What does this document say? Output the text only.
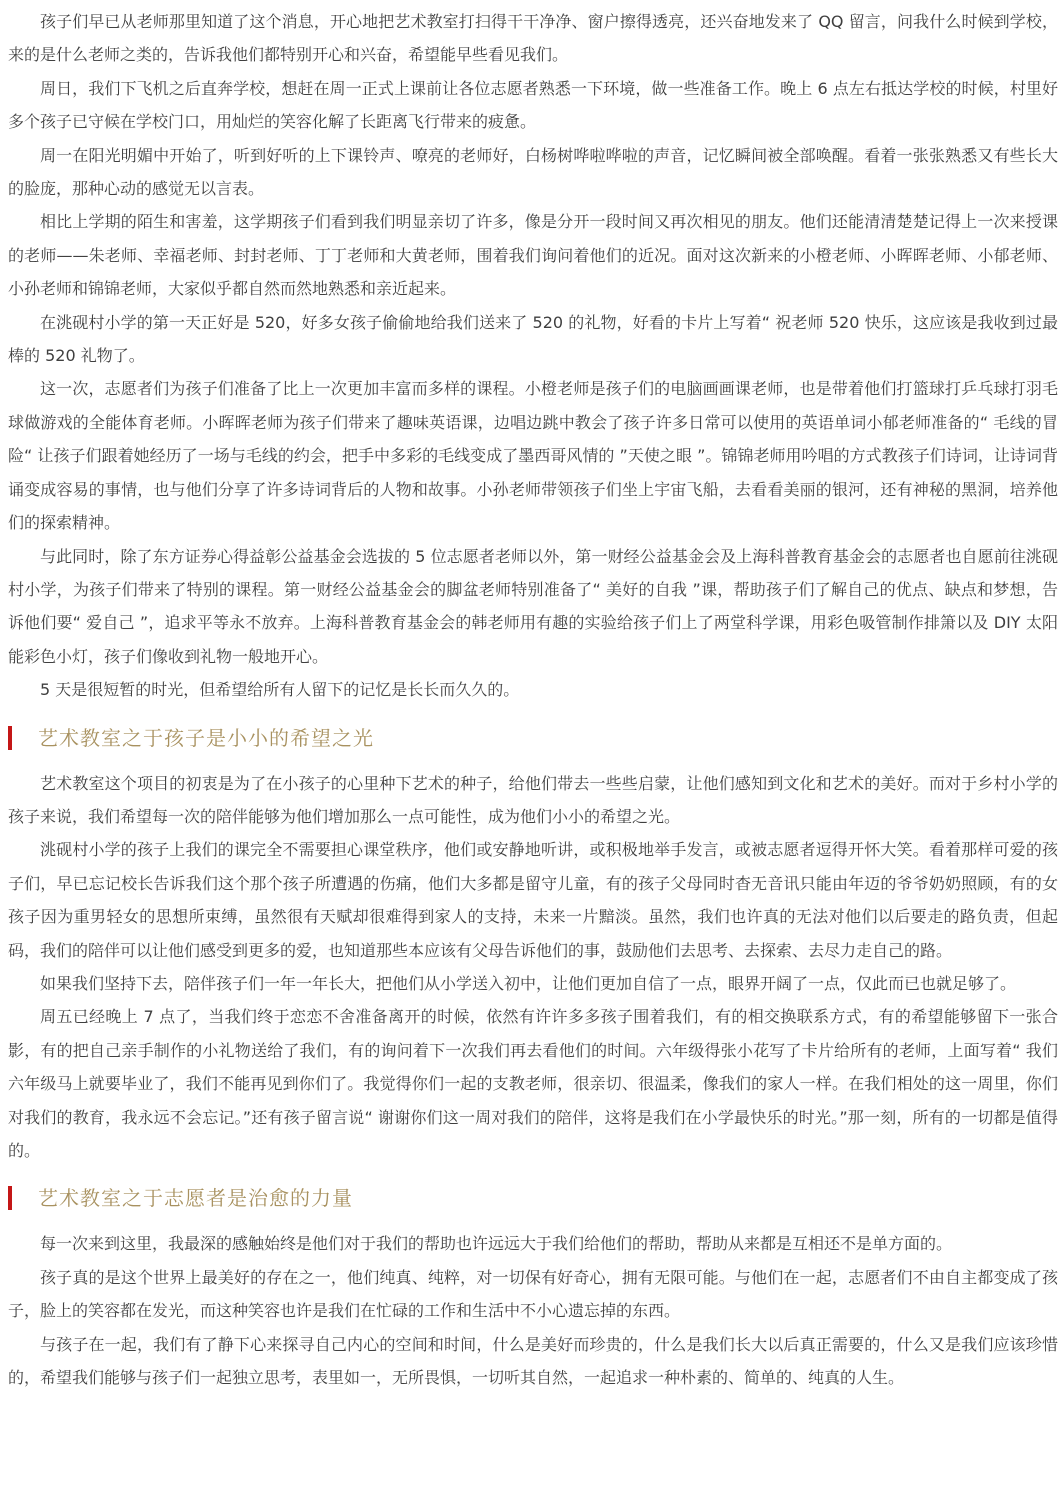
孩子们早已从老师那里知道了这个消息，开心地把艺术教室打扫得干干净净、窗户擦得透亮，还兴奋地发来了 QQ 留言，问我什么时候到学校，来的是什么老师之类的，告诉我他们都特别开心和兴奋，希望能早些看见我们。

周日，我们下飞机之后直奔学校，想赶在周一正式上课前让各位志愿者熟悉一下环境，做一些准备工作。晚上 6 点左右抵达学校的时候，村里好多个孩子已守候在学校门口，用灿烂的笑容化解了长距离飞行带来的疲惫。

周一在阳光明媚中开始了，听到好听的上下课铃声、嘹亮的老师好，白杨树哗啦哗啦的声音，记忆瞬间被全部唤醒。看着一张张熟悉又有些长大的脸庞，那种心动的感觉无以言表。

相比上学期的陌生和害羞，这学期孩子们看到我们明显亲切了许多，像是分开一段时间又再次相见的朋友。他们还能清清楚楚记得上一次来授课的老师——朱老师、幸福老师、封封老师、丁丁老师和大黄老师，围着我们询问着他们的近况。面对这次新来的小橙老师、小晖晖老师、小郁老师、小孙老师和锦锦老师，大家似乎都自然而然地熟悉和亲近起来。

在洮砚村小学的第一天正好是 520，好多女孩子偷偷地给我们送来了 520 的礼物，好看的卡片上写着“ 祝老师 520 快乐，这应该是我收到过最棒的 520 礼物了。

这一次，志愿者们为孩子们准备了比上一次更加丰富而多样的课程。小橙老师是孩子们的电脑画画课老师，也是带着他们打篮球打乒乓球打羽毛球做游戏的全能体育老师。小晖晖老师为孩子们带来了趣味英语课，边唱边跳中教会了孩子许多日常可以使用的英语单词小郁老师准备的“ 毛线的冒险“ 让孩子们跟着她经历了一场与毛线的约会，把手中多彩的毛线变成了墨西哥风情的 ”天使之眼 ”。锦锦老师用吟唱的方式教孩子们诗词，让诗词背诵变成容易的事情，也与他们分享了许多诗词背后的人物和故事。小孙老师带领孩子们坐上宇宙飞船，去看看美丽的银河，还有神秘的黑洞，培养他们的探索精神。

与此同时，除了东方证券心得益彰公益基金会选拔的 5 位志愿者老师以外，第一财经公益基金会及上海科普教育基金会的志愿者也自愿前往洮砚村小学，为孩子们带来了特别的课程。第一财经公益基金会的脚盆老师特别准备了“ 美好的自我 ”课，帮助孩子们了解自己的优点、缺点和梦想，告诉他们要“ 爱自己 ”，追求平等永不放弃。上海科普教育基金会的韩老师用有趣的实验给孩子们上了两堂科学课，用彩色吸管制作排箫以及 DIY 太阳能彩色小灯，孩子们像收到礼物一般地开心。

5 天是很短暂的时光，但希望给所有人留下的记忆是长长而久久的。

艺术教室之于孩子是小小的希望之光

艺术教室这个项目的初衷是为了在小孩子的心里种下艺术的种子，给他们带去一些些启蒙，让他们感知到文化和艺术的美好。而对于乡村小学的孩子来说，我们希望每一次的陪伴能够为他们增加那么一点可能性，成为他们小小的希望之光。

洮砚村小学的孩子上我们的课完全不需要担心课堂秩序，他们或安静地听讲，或积极地举手发言，或被志愿者逗得开怀大笑。看着那样可爱的孩子们，早已忘记校长告诉我们这个那个孩子所遭遇的伤痛，他们大多都是留守儿童，有的孩子父母同时杳无音讯只能由年迈的爷爷奶奶照顾，有的女孩子因为重男轻女的思想所束缚，虽然很有天赋却很难得到家人的支持，未来一片黯淡。虽然，我们也许真的无法对他们以后要走的路负责，但起码，我们的陪伴可以让他们感受到更多的爱，也知道那些本应该有父母告诉他们的事，鼓励他们去思考、去探索、去尽力走自己的路。

如果我们坚持下去，陪伴孩子们一年一年长大，把他们从小学送入初中，让他们更加自信了一点，眼界开阔了一点，仅此而已也就足够了。

周五已经晚上 7 点了，当我们终于恋恋不舍准备离开的时候，依然有许许多多孩子围着我们，有的相交换联系方式，有的希望能够留下一张合影，有的把自己亲手制作的小礼物送给了我们，有的询问着下一次我们再去看他们的时间。六年级得张小花写了卡片给所有的老师，上面写着“ 我们六年级马上就要毕业了，我们不能再见到你们了。我觉得你们一起的支教老师，很亲切、很温柔，像我们的家人一样。在我们相处的这一周里，你们对我们的教育，我永远不会忘记。”还有孩子留言说“ 谢谢你们这一周对我们的陪伴，这将是我们在小学最快乐的时光。”那一刻，所有的一切都是值得的。

艺术教室之于志愿者是治愈的力量

每一次来到这里，我最深的感触始终是他们对于我们的帮助也许远远大于我们给他们的帮助，帮助从来都是互相还不是单方面的。

孩子真的是这个世界上最美好的存在之一，他们纯真、纯粹，对一切保有好奇心，拥有无限可能。与他们在一起，志愿者们不由自主都变成了孩子，脸上的笑容都在发光，而这种笑容也许是我们在忙碌的工作和生活中不小心遗忘掉的东西。

与孩子在一起，我们有了静下心来探寻自己内心的空间和时间，什么是美好而珍贵的，什么是我们长大以后真正需要的，什么又是我们应该珍惜的，希望我们能够与孩子们一起独立思考，表里如一，无所畏惧，一切听其自然，一起追求一种朴素的、简单的、纯真的人生。
